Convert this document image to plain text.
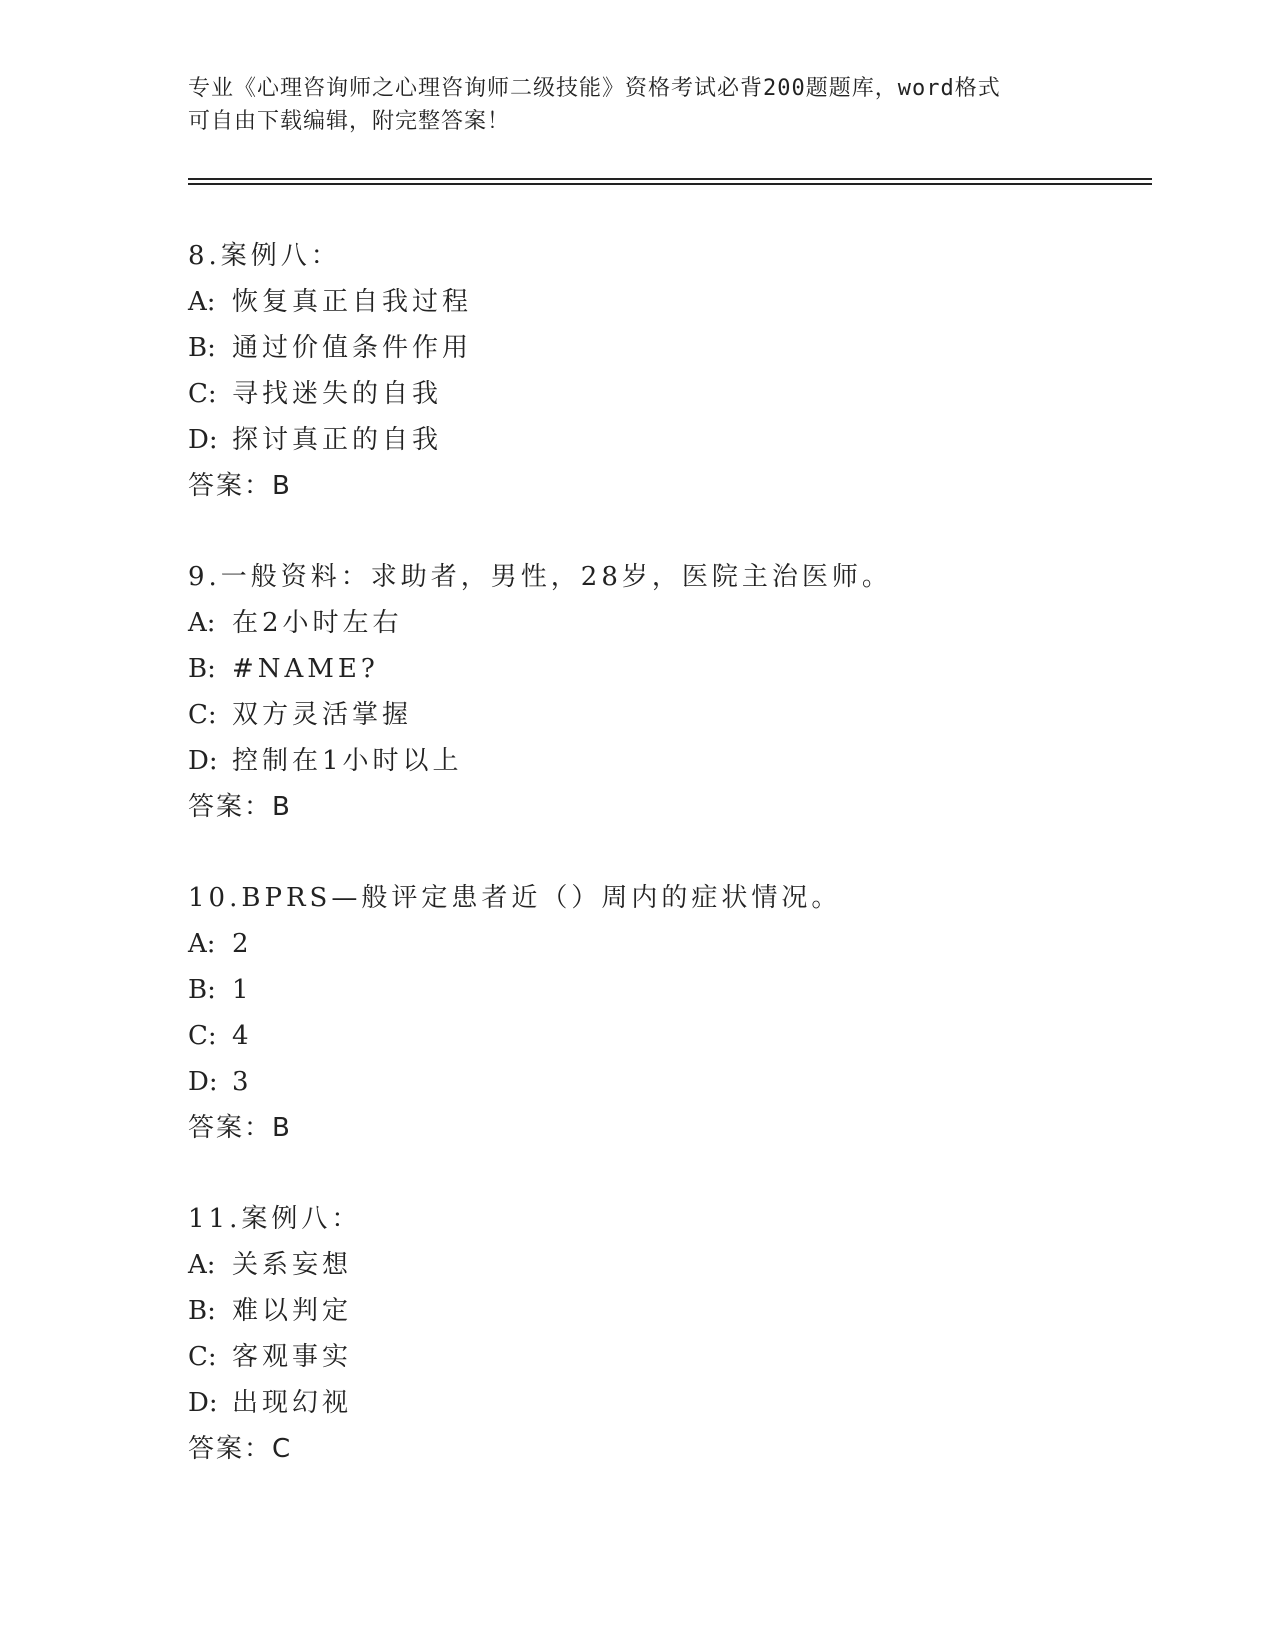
专业《心理咨询师之心理咨询师二级技能》资格考试必背200题题库，word格式
可自由下载编辑，附完整答案！
8.案例八：
A: 恢复真正自我过程
B: 通过价值条件作用
C: 寻找迷失的自我
D: 探讨真正的自我
答案：B
9.一般资料：求助者，男性，28岁，医院主治医师。
A: 在2小时左右
B: #NAME?
C: 双方灵活掌握
D: 控制在1小时以上
答案：B
10.BPRS—般评定患者近（）周内的症状情况。
A: 2
B: 1
C: 4
D: 3
答案：B
11.案例八：
A: 关系妄想
B: 难以判定
C: 客观事实
D: 出现幻视
答案：C
